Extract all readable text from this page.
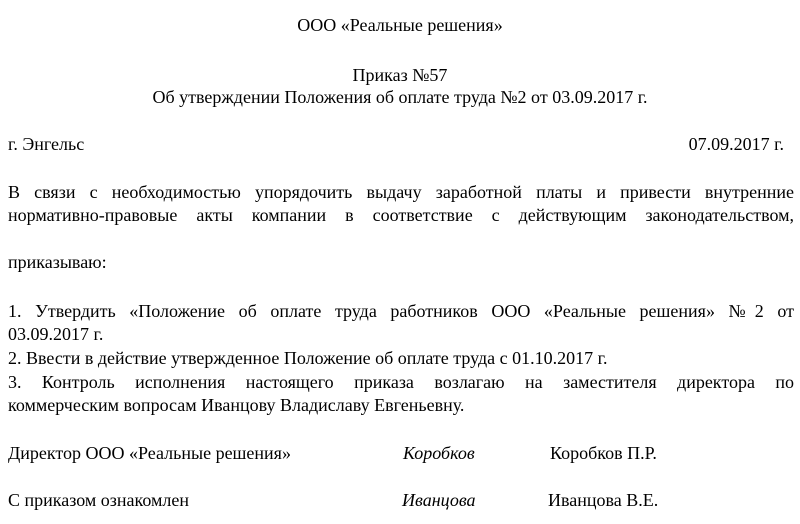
ООО «Реальные решения»
Приказ №57
Об утверждении Положения об оплате труда №2 от 03.09.2017 г.
г. Энгельс	07.09.2017 г.
В связи с необходимостью упорядочить выдачу заработной платы и привести внутренние
нормативно-правовые акты компании в соответствие с действующим законодательством,
приказываю:
1. Утвердить «Положение об оплате труда работников ООО «Реальные решения» №2 от
03.09.2017 г.
2. Ввести в действие утвержденное Положение об оплате труда с 01.10.2017 г.
3. Контроль исполнения настоящего приказа возлагаю на заместителя директора по
коммерческим вопросам Иванцову Владиславу Евгеньевну.
Директор ООО «Реальные решения»	Коробков	Коробков П.Р.
С приказом ознакомлен	Иванцова	Иванцова В.Е.
